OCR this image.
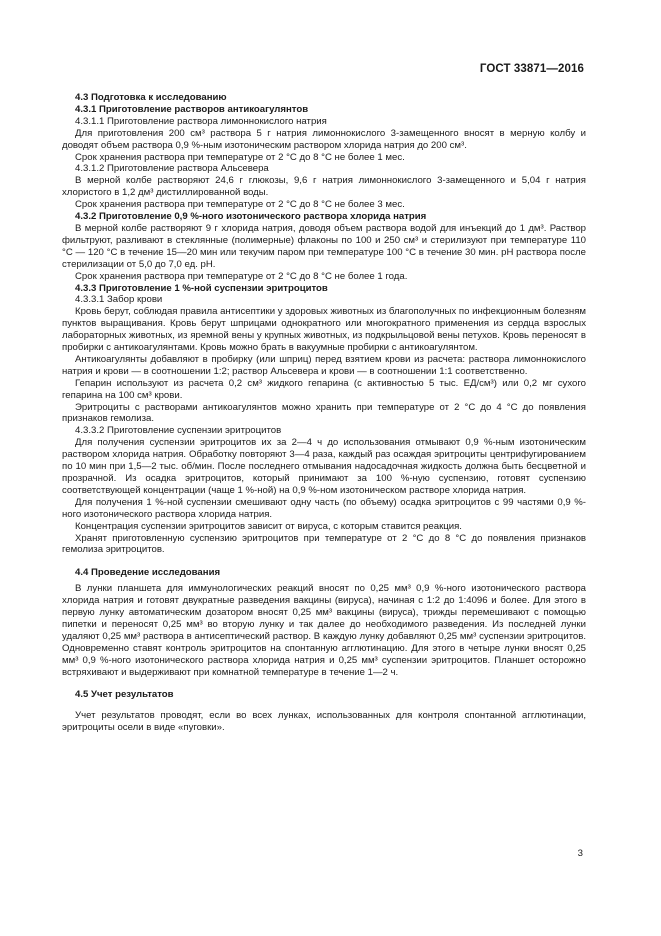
ГОСТ 33871—2016

4.3 Подготовка к исследованию

4.3.1 Приготовление растворов антикоагулянтов

4.3.1.1 Приготовление раствора лимоннокислого натрия

Для приготовления 200 см³ раствора 5 г натрия лимоннокислого 3-замещенного вносят в мерную колбу и доводят объем раствора 0,9 %-ным изотоническим раствором хлорида натрия до 200 см³.

Срок хранения раствора при температуре от 2 °С до 8 °С не более 1 мес.

4.3.1.2 Приготовление раствора Альсевера

В мерной колбе растворяют 24,6 г глюкозы, 9,6 г натрия лимоннокислого 3-замещенного и 5,04 г натрия хлористого в 1,2 дм³ дистиллированной воды.

Срок хранения раствора при температуре от 2 °С до 8 °С не более 3 мес.

4.3.2 Приготовление 0,9 %-ного изотонического раствора хлорида натрия

В мерной колбе растворяют 9 г хлорида натрия, доводя объем раствора водой для инъекций до 1 дм³. Раствор фильтруют, разливают в стеклянные (полимерные) флаконы по 100 и 250 см³ и стерилизуют при температуре 110 °С — 120 °С в течение 15—20 мин или текучим паром при температуре 100 °С в течение 30 мин. рН раствора после стерилизации от 5,0 до 7,0 ед. рН.

Срок хранения раствора при температуре от 2 °С до 8 °С не более 1 года.

4.3.3 Приготовление 1 %-ной суспензии эритроцитов

4.3.3.1 Забор крови

Кровь берут, соблюдая правила антисептики у здоровых животных из благополучных по инфекционным болезням пунктов выращивания. Кровь берут шприцами однократного или многократного применения из сердца взрослых лабораторных животных, из яремной вены у крупных животных, из подкрыльцовой вены петухов. Кровь переносят в пробирки с антикоагулянтами. Кровь можно брать в вакуумные пробирки с антикоагулянтом.

Антикоагулянты добавляют в пробирку (или шприц) перед взятием крови из расчета: раствора лимоннокислого натрия и крови — в соотношении 1:2; раствор Альсевера и крови — в соотношении 1:1 соответственно.

Гепарин используют из расчета 0,2 см³ жидкого гепарина (с активностью 5 тыс. ЕД/см³) или 0,2 мг сухого гепарина на 100 см³ крови.

Эритроциты с растворами антикоагулянтов можно хранить при температуре от 2 °С до 4 °С до появления признаков гемолиза.

4.3.3.2 Приготовление суспензии эритроцитов

Для получения суспензии эритроцитов их за 2—4 ч до использования отмывают 0,9 %-ным изотоническим раствором хлорида натрия. Обработку повторяют 3—4 раза, каждый раз осаждая эритроциты центрифугированием по 10 мин при 1,5—2 тыс. об/мин. После последнего отмывания надосадочная жидкость должна быть бесцветной и прозрачной. Из осадка эритроцитов, который принимают за 100 %-ную суспензию, готовят суспензию соответствующей концентрации (чаще 1 %-ной) на 0,9 %-ном изотоническом растворе хлорида натрия.

Для получения 1 %-ной суспензии смешивают одну часть (по объему) осадка эритроцитов с 99 частями 0,9 %-ного изотонического раствора хлорида натрия.

Концентрация суспензии эритроцитов зависит от вируса, с которым ставится реакция.

Хранят приготовленную суспензию эритроцитов при температуре от 2 °С до 8 °С до появления признаков гемолиза эритроцитов.

4.4 Проведение исследования

В лунки планшета для иммунологических реакций вносят по 0,25 мм³ 0,9 %-ного изотонического раствора хлорида натрия и готовят двукратные разведения вакцины (вируса), начиная с 1:2 до 1:4096 и более. Для этого в первую лунку автоматическим дозатором вносят 0,25 мм³ вакцины (вируса), трижды перемешивают с помощью пипетки и переносят 0,25 мм³ во вторую лунку и так далее до необходимого разведения. Из последней лунки удаляют 0,25 мм³ раствора в антисептический раствор. В каждую лунку добавляют 0,25 мм³ суспензии эритроцитов. Одновременно ставят контроль эритроцитов на спонтанную агглютинацию. Для этого в четыре лунки вносят 0,25 мм³ 0,9 %-ного изотонического раствора хлорида натрия и 0,25 мм³ суспензии эритроцитов. Планшет осторожно встряхивают и выдерживают при комнатной температуре в течение 1—2 ч.

4.5 Учет результатов

Учет результатов проводят, если во всех лунках, использованных для контроля спонтанной агглютинации, эритроциты осели в виде «пуговки».

3
